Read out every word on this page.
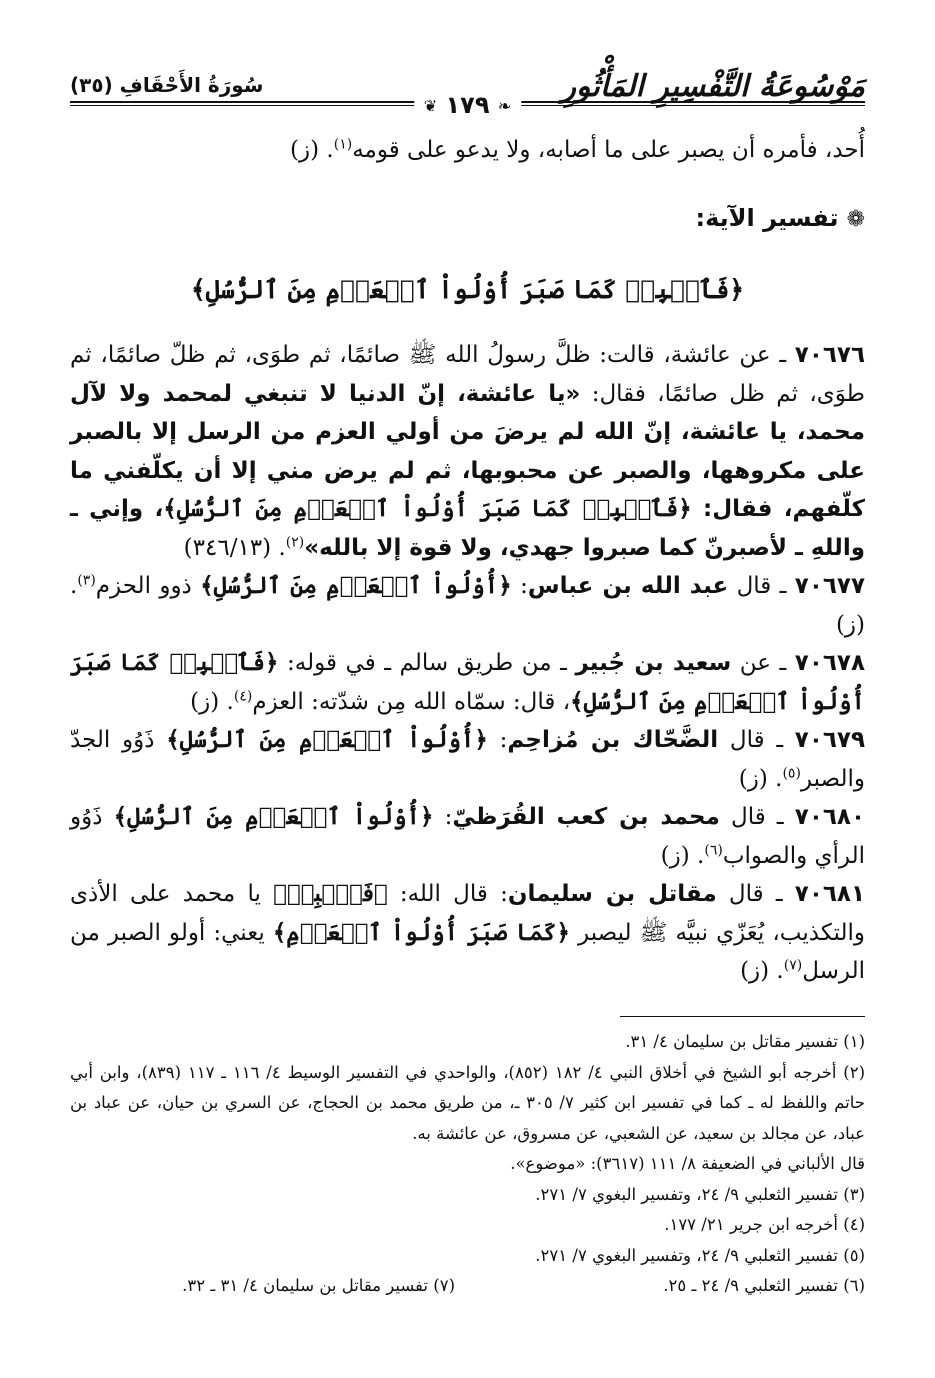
مَوْسُوعَةُ التَّفْسِيرِ المَأْثُورِ
سُورَةُ الأَحْقَافِ (٣٥)
❦ ١٧٩ ❧

أُحد، فأمره أن يصبر على ما أصابه، ولا يدعو على قومه$^{(١)}$. (ز)

❁تفسير الآية:
﴿فَٱصۡبِرۡ كَمَا صَبَرَ أُوْلُواْ ٱلۡعَزۡمِ مِنَ ٱلرُّسُلِ﴾

٧٠٦٧٦ ـ عن عائشة، قالت: ظلَّ رسولُ الله ﷺ صائمًا، ثم طوَى، ثم ظلّ صائمًا، ثم طوَى، ثم ظل صائمًا، فقال: «يا عائشة، إنّ الدنيا لا تنبغي لمحمد ولا لآل محمد، يا عائشة، إنّ الله لم يرضَ من أولي العزم من الرسل إلا بالصبر على مكروهها، والصبر عن محبوبها، ثم لم يرض مني إلا أن يكلّفني ما كلّفهم، فقال: ﴿فَٱصۡبِرۡ كَمَا صَبَرَ أُوْلُواْ ٱلۡعَزۡمِ مِنَ ٱلرُّسُلِ﴾، وإني ـ واللهِ ـ لأصبرنّ كما صبروا جهدي، ولا قوة إلا بالله»$^{(٢)}$. (٣٤٦/١٣)

٧٠٦٧٧ ـ قال عبد الله بن عباس: ﴿أُوْلُواْ ٱلۡعَزۡمِ مِنَ ٱلرُّسُلِ﴾ ذوو الحزم$^{(٣)}$. (ز)

٧٠٦٧٨ ـ عن سعيد بن جُبير ـ من طريق سالم ـ في قوله: ﴿فَٱصۡبِرۡ كَمَا صَبَرَ أُوْلُواْ ٱلۡعَزۡمِ مِنَ ٱلرُّسُلِ﴾، قال: سمّاه الله مِن شدّته: العزم$^{(٤)}$. (ز)

٧٠٦٧٩ ـ قال الضَّحّاك بن مُزاحِم: ﴿أُوْلُواْ ٱلۡعَزۡمِ مِنَ ٱلرُّسُلِ﴾ ذَوُو الجدّ والصبر$^{(٥)}$. (ز)

٧٠٦٨٠ ـ قال محمد بن كعب القُرَظيّ: ﴿أُوْلُواْ ٱلۡعَزۡمِ مِنَ ٱلرُّسُلِ﴾ ذَوُو الرأي والصواب$^{(٦)}$. (ز)

٧٠٦٨١ ـ قال مقاتل بن سليمان: قال الله: ﴿فَٱصۡبِرۡ﴾ يا محمد على الأذى والتكذيب، يُعَزّي نبيَّه ﷺ ليصبر ﴿كَمَا صَبَرَ أُوْلُواْ ٱلۡعَزۡمِ﴾ يعني: أولو الصبر من الرسل$^{(٧)}$. (ز)

(١) تفسير مقاتل بن سليمان ٤/ ٣١.

(٢) أخرجه أبو الشيخ في أخلاق النبي ٤/ ١٨٢ (٨٥٢)، والواحدي في التفسير الوسيط ٤/ ١١٦ ـ ١١٧ (٨٣٩)، وابن أبي حاتم واللفظ له ـ كما في تفسير ابن كثير ٧/ ٣٠٥ ـ، من طريق محمد بن الحجاج، عن السري بن حيان، عن عباد بن عباد، عن مجالد بن سعيد، عن الشعبي، عن مسروق، عن عائشة به.

قال الألباني في الضعيفة ٨/ ١١١ (٣٦١٧): «موضوع».

(٣) تفسير الثعلبي ٩/ ٢٤، وتفسير البغوي ٧/ ٢٧١.

(٤) أخرجه ابن جرير ٢١/ ١٧٧.

(٥) تفسير الثعلبي ٩/ ٢٤، وتفسير البغوي ٧/ ٢٧١.

(٦) تفسير الثعلبي ٩/ ٢٤ ـ ٢٥.
(٧) تفسير مقاتل بن سليمان ٤/ ٣١ ـ ٣٢.
